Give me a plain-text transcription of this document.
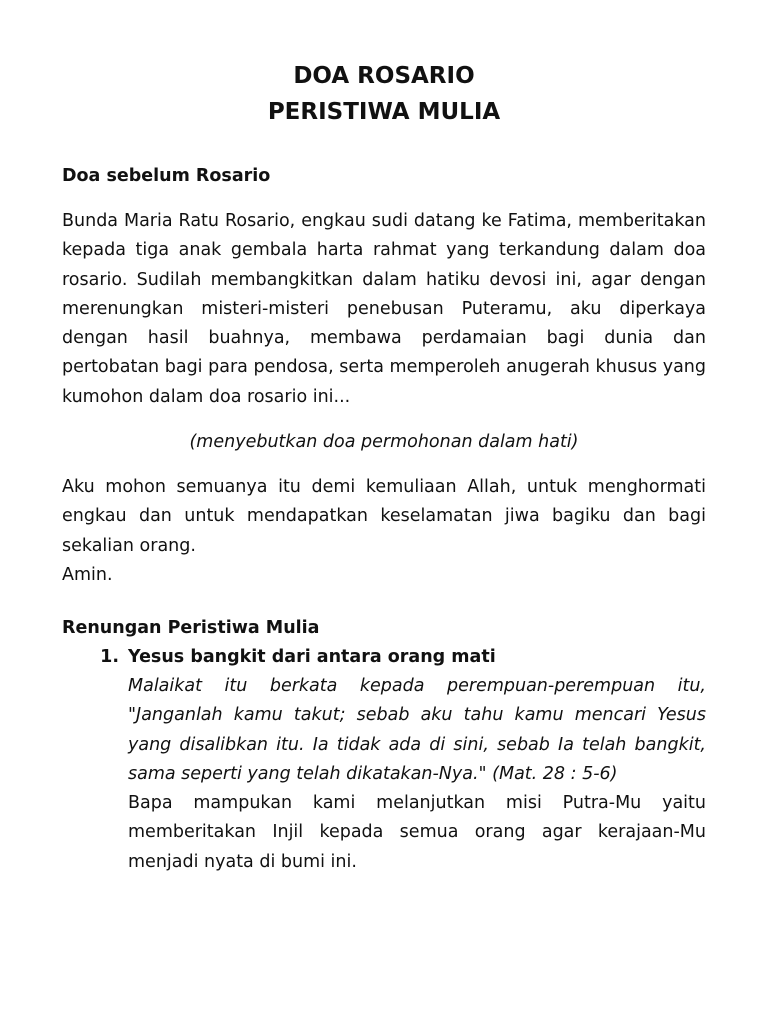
DOA ROSARIO
PERISTIWA MULIA
Doa sebelum Rosario
Bunda Maria Ratu Rosario, engkau sudi datang ke Fatima, memberitakan kepada tiga anak gembala harta rahmat yang terkandung dalam doa rosario. Sudilah membangkitkan dalam hatiku devosi ini, agar dengan merenungkan misteri-misteri penebusan Puteramu, aku diperkaya dengan hasil buahnya, membawa perdamaian bagi dunia dan pertobatan bagi para pendosa, serta memperoleh anugerah khusus yang kumohon dalam doa rosario ini...
(menyebutkan doa permohonan dalam hati)
Aku mohon semuanya itu demi kemuliaan Allah, untuk menghormati engkau dan untuk mendapatkan keselamatan jiwa bagiku dan bagi sekalian orang.
Amin.
Renungan Peristiwa Mulia
1. Yesus bangkit dari antara orang mati
Malaikat itu berkata kepada perempuan-perempuan itu, "Janganlah kamu takut; sebab aku tahu kamu mencari Yesus yang disalibkan itu. Ia tidak ada di sini, sebab Ia telah bangkit, sama seperti yang telah dikatakan-Nya." (Mat. 28 : 5-6)
Bapa mampukan kami melanjutkan misi Putra-Mu yaitu memberitakan Injil kepada semua orang agar kerajaan-Mu menjadi nyata di bumi ini.
